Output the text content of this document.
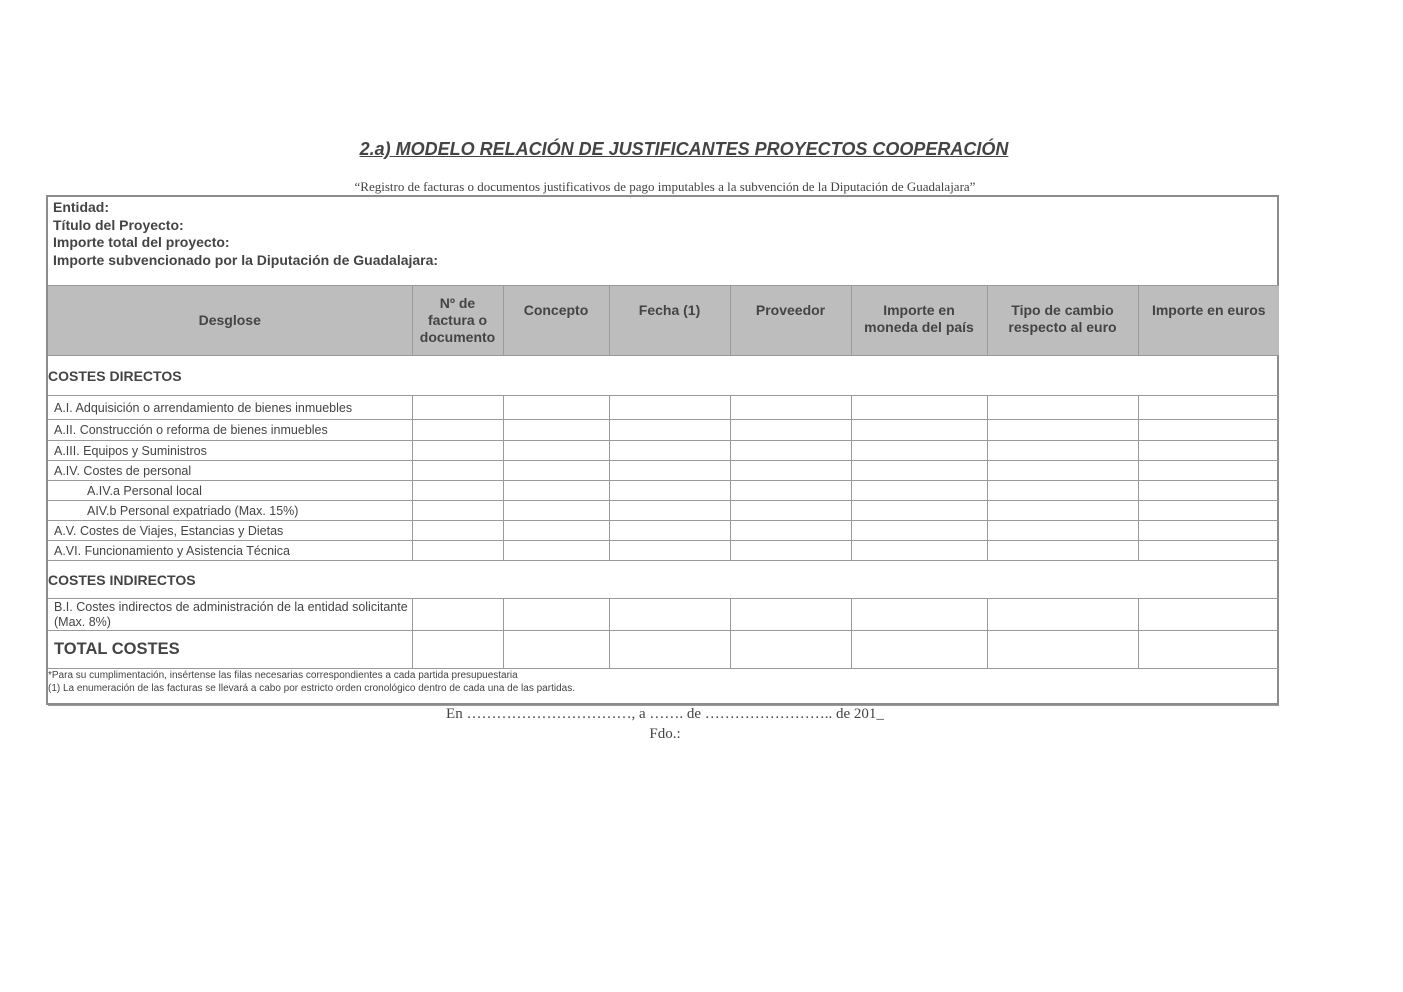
2.a) MODELO RELACIÓN DE JUSTIFICANTES PROYECTOS COOPERACIÓN
“Registro de facturas o documentos justificativos de pago imputables a la subvención de la Diputación de Guadalajara”
Entidad:
Título del Proyecto:
Importe total del proyecto:
Importe subvencionado por la Diputación de Guadalajara:
Desglose	Nº de factura o documento	Concepto	Fecha (1)	Proveedor	Importe en moneda del país	Tipo de cambio respecto al euro	Importe en euros
COSTES DIRECTOS							
A.I. Adquisición o arrendamiento de bienes inmuebles							
A.II. Construcción o reforma de bienes inmuebles							
A.III. Equipos y Suministros							
A.IV. Costes de personal							
A.IV.a Personal local							
AIV.b Personal expatriado (Max. 15%)							
A.V. Costes de Viajes, Estancias y Dietas							
A.VI. Funcionamiento y Asistencia Técnica							
COSTES INDIRECTOS							
B.I. Costes indirectos de administración de la entidad solicitante (Max. 8%)							
TOTAL COSTES							

*Para su cumplimentación, insértense las filas necesarias correspondientes a cada partida presupuestaria
(1) La enumeración de las facturas se llevará a cabo por estricto orden cronológico dentro de cada una de las partidas.							
En ……………………………, a ……. de …………………….. de 201_
Fdo.:
